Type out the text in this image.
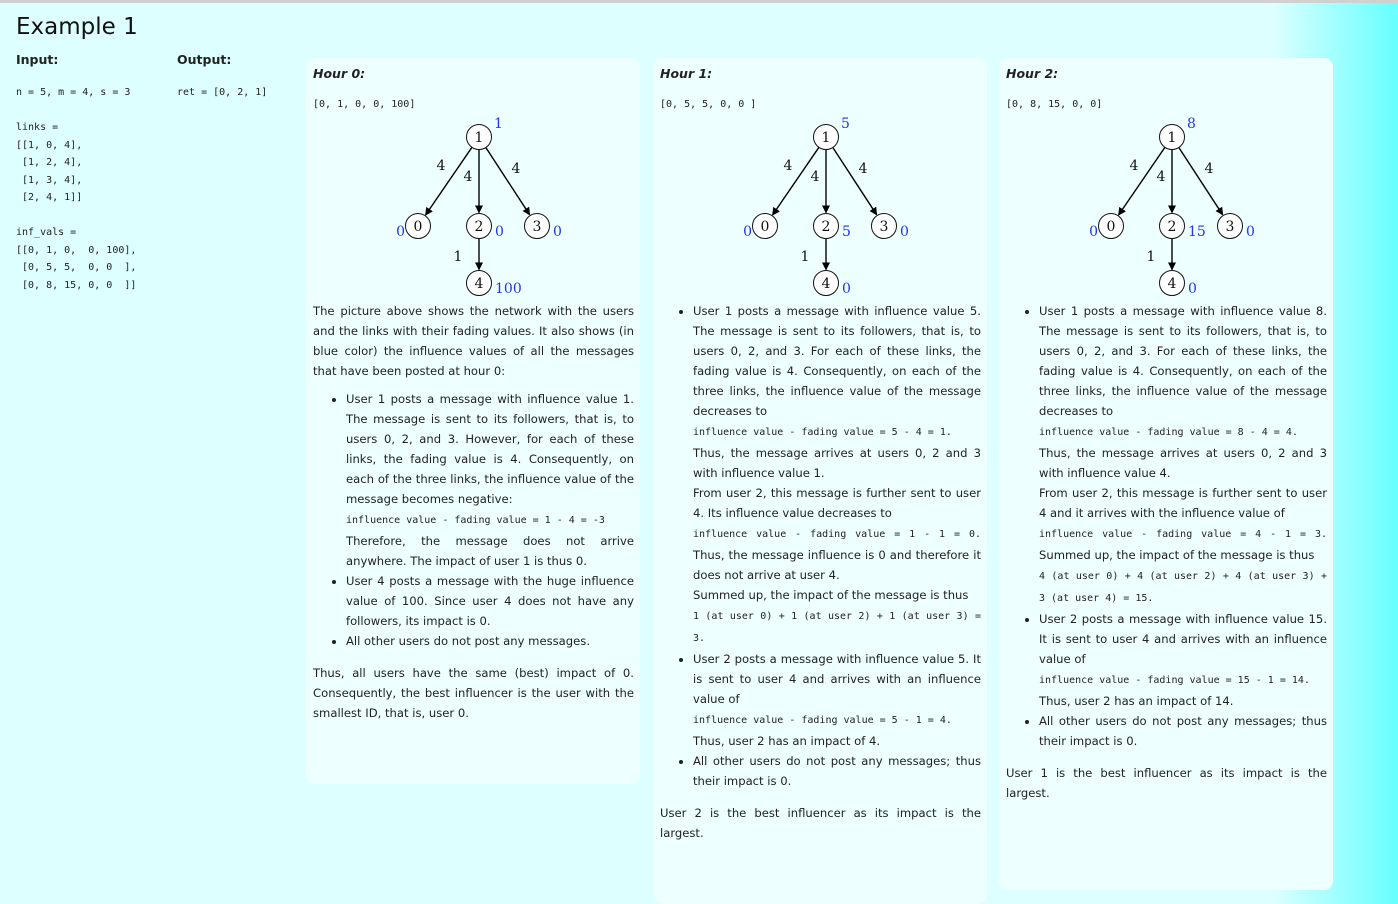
Example 1
Input:	Output:
n = 5, m = 4, s = 3

links =
[[1, 0, 4],
[1, 2, 4],
[1, 3, 4],
[2, 4, 1]]

inf_vals =
[[0, 1, 0,  0, 100],
[0, 5, 5,  0, 0  ],
[0, 8, 15, 0, 0  ]]
ret = [0, 2, 1]
Hour 0:
[0, 1, 0, 0, 100]
4
4	4
1
1
1
0
0	2 0 3 0
4 100

The picture above shows the network with the users and the links with their fading values. It also shows (in blue color) the influence values of all the messages that have been posted at hour 0:

• User 1 posts a message with influence value 1. The message is sent to its followers, that is, to users 0, 2, and 3. However, for each of these links, the fading value is 4. Consequently, on each of the three links, the influence value of the message becomes negative:
influence value - fading value = 1 - 4 = -3
Therefore, the message does not arrive anywhere. The impact of user 1 is thus 0.
• User 4 posts a message with the huge influence value of 100. Since user 4 does not have any followers, its impact is 0.
• All other users do not post any messages.

Thus, all users have the same (best) impact of 0. Consequently, the best influencer is the user with the smallest ID, that is, user 0.

Hour 1:
[0, 5, 5, 0, 0 ]
4
4	4
1
1
5
0
0	2 5 3 0
4 0
• User 1 posts a message with influence value 5. The message is sent to its followers, that is, to users 0, 2, and 3. For each of these links, the fading value is 4. Consequently, on each of the three links, the influence value of the message decreases to
influence value - fading value = 5 - 4 = 1.
Thus, the message arrives at users 0, 2 and 3 with influence value 1.
From user 2, this message is further sent to user 4. Its influence value decreases to
influence value - fading value = 1 - 1 = 0. Thus, the message influence is 0 and therefore it does not arrive at user 4.
Summed up, the impact of the message is thus
1 (at user 0) + 1 (at user 2) + 1 (at user 3) = 3.
• User 2 posts a message with influence value 5. It is sent to user 4 and arrives with an influence value of
influence value - fading value = 5 - 1 = 4.
Thus, user 2 has an impact of 4.
• All other users do not post any messages; thus their impact is 0.

User 2 is the best influencer as its impact is the largest.

Hour 2:
[0, 8, 15, 0, 0]
4
4	4
1
1
8
0
0	2 15 3 0
4 0
• User 1 posts a message with influence value 8. The message is sent to its followers, that is, to users 0, 2, and 3. For each of these links, the fading value is 4. Consequently, on each of the three links, the influence value of the message decreases to
influence value - fading value = 8 - 4 = 4.
Thus, the message arrives at users 0, 2 and 3 with influence value 4.
From user 2, this message is further sent to user 4 and it arrives with the influence value of
influence value - fading value = 4 - 1 = 3. Summed up, the impact of the message is thus
4 (at user 0) + 4 (at user 2) + 4 (at user 3) + 3 (at user 4) = 15.
• User 2 posts a message with influence value 15. It is sent to user 4 and arrives with an influence value of
influence value - fading value = 15 - 1 = 14.
Thus, user 2 has an impact of 14.
• All other users do not post any messages; thus their impact is 0.

User 1 is the best influencer as its impact is the largest.
